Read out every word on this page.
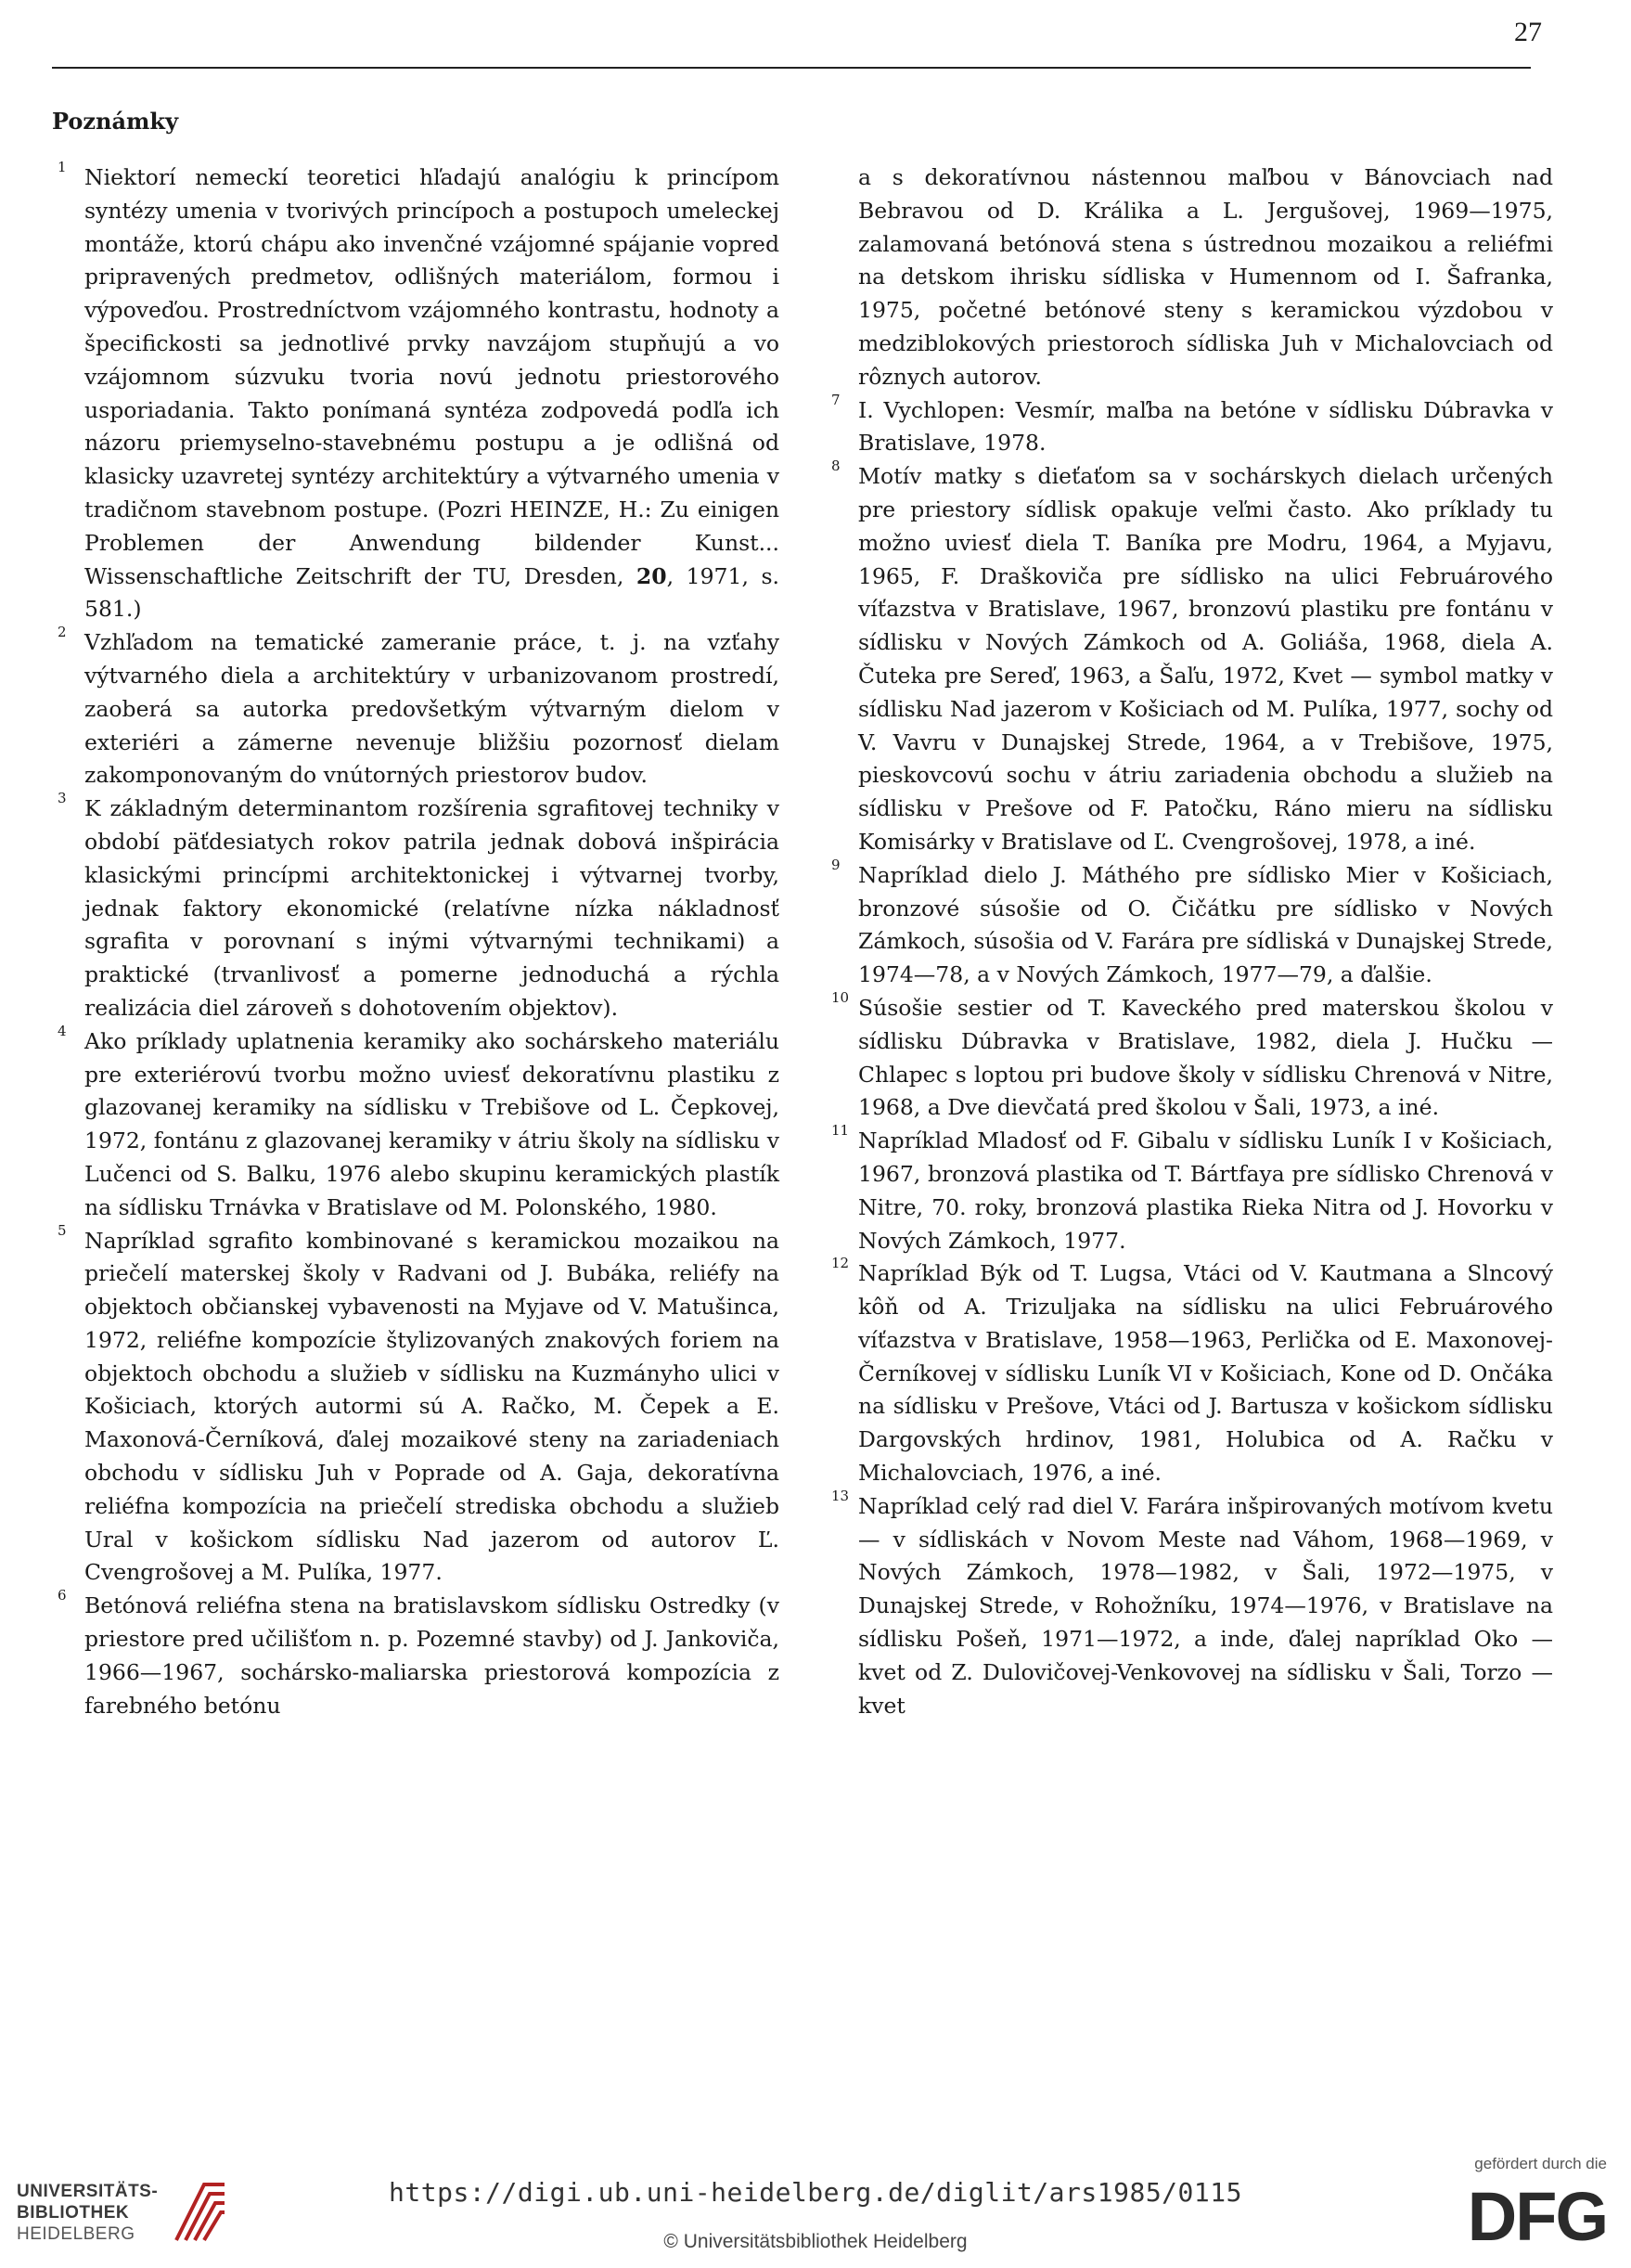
27
Poznámky

1 Niektorí nemeckí teoretici hľadajú analógiu k princípom syntézy umenia v tvorivých princípoch a postupoch umeleckej montáže, ktorú chápu ako invenčné vzájomné spájanie vopred pripravených predmetov, odlišných materiálom, formou i výpoveďou. Prostredníctvom vzájomného kontrastu, hodnoty a špecifickosti sa jednotlivé prvky navzájom stupňujú a vo vzájomnom súzvuku tvoria novú jednotu priestorového usporiadania. Takto ponímaná syntéza zodpovedá podľa ich názoru priemyselno-stavebnému postupu a je odlišná od klasicky uzavretej syntézy architektúry a výtvarného umenia v tradičnom stavebnom postupe. (Pozri HEINZE, H.: Zu einigen Problemen der Anwendung bildender Kunst... Wissenschaftliche Zeitschrift der TU, Dresden, 20, 1971, s. 581.)

2 Vzhľadom na tematické zameranie práce, t. j. na vzťahy výtvarného diela a architektúry v urbanizovanom prostredí, zaoberá sa autorka predovšetkým výtvarným dielom v exteriéri a zámerne nevenuje bližšiu pozornosť dielam zakomponovaným do vnútorných priestorov budov.

3 K základným determinantom rozšírenia sgrafitovej techniky v období päťdesiatych rokov patrila jednak dobová inšpirácia klasickými princípmi architektonickej i výtvarnej tvorby, jednak faktory ekonomické (relatívne nízka nákladnosť sgrafita v porovnaní s inými výtvarnými technikami) a praktické (trvanlivosť a pomerne jednoduchá a rýchla realizácia diel zároveň s dohotovením objektov).

4 Ako príklady uplatnenia keramiky ako sochárskeho materiálu pre exteriérovú tvorbu možno uviesť dekoratívnu plastiku z glazovanej keramiky na sídlisku v Trebišove od L. Čepkovej, 1972, fontánu z glazovanej keramiky v átriu školy na sídlisku v Lučenci od S. Balku, 1976 alebo skupinu keramických plastík na sídlisku Trnávka v Bratislave od M. Polonského, 1980.

5 Napríklad sgrafito kombinované s keramickou mozaikou na priečelí materskej školy v Radvani od J. Bubáka, reliéfy na objektoch občianskej vybavenosti na Myjave od V. Matušinca, 1972, reliéfne kompozície štylizovaných znakových foriem na objektoch obchodu a služieb v sídlisku na Kuzmányho ulici v Košiciach, ktorých autormi sú A. Račko, M. Čepek a E. Maxonová-Černíková, ďalej mozaikové steny na zariadeniach obchodu v sídlisku Juh v Poprade od A. Gaja, dekoratívna reliéfna kompozícia na priečelí strediska obchodu a služieb Ural v košickom sídlisku Nad jazerom od autorov Ľ. Cvengrošovej a M. Pulíka, 1977.

6 Betónová reliéfna stena na bratislavskom sídlisku Ostredky (v priestore pred učilišťom n. p. Pozemné stavby) od J. Jankoviča, 1966—1967, sochársko-maliarska priestorová kompozícia z farebného betónu

a s dekoratívnou nástennou maľbou v Bánovciach nad Bebravou od D. Králika a L. Jergušovej, 1969—1975, zalamovaná betónová stena s ústrednou mozaikou a reliéfmi na detskom ihrisku sídliska v Humennom od I. Šafranka, 1975, početné betónové steny s keramickou výzdobou v medziblokových priestoroch sídliska Juh v Michalovciach od rôznych autorov.

7 I. Vychlopen: Vesmír, maľba na betóne v sídlisku Dúbravka v Bratislave, 1978.

8 Motív matky s dieťaťom sa v sochárskych dielach určených pre priestory sídlisk opakuje veľmi často. Ako príklady tu možno uviesť diela T. Baníka pre Modru, 1964, a Myjavu, 1965, F. Draškoviča pre sídlisko na ulici Februárového víťazstva v Bratislave, 1967, bronzovú plastiku pre fontánu v sídlisku v Nových Zámkoch od A. Goliáša, 1968, diela A. Čuteka pre Sereď, 1963, a Šaľu, 1972, Kvet — symbol matky v sídlisku Nad jazerom v Košiciach od M. Pulíka, 1977, sochy od V. Vavru v Dunajskej Strede, 1964, a v Trebišove, 1975, pieskovcovú sochu v átriu zariadenia obchodu a služieb na sídlisku v Prešove od F. Patočku, Ráno mieru na sídlisku Komisárky v Bratislave od Ľ. Cvengrošovej, 1978, a iné.

9 Napríklad dielo J. Máthého pre sídlisko Mier v Košiciach, bronzové súsošie od O. Čičátku pre sídlisko v Nových Zámkoch, súsošia od V. Farára pre sídliská v Dunajskej Strede, 1974—78, a v Nových Zámkoch, 1977—79, a ďalšie.

10 Súsošie sestier od T. Kaveckého pred materskou školou v sídlisku Dúbravka v Bratislave, 1982, diela J. Hučku — Chlapec s loptou pri budove školy v sídlisku Chrenová v Nitre, 1968, a Dve dievčatá pred školou v Šali, 1973, a iné.

11 Napríklad Mladosť od F. Gibalu v sídlisku Luník I v Košiciach, 1967, bronzová plastika od T. Bártfaya pre sídlisko Chrenová v Nitre, 70. roky, bronzová plastika Rieka Nitra od J. Hovorku v Nových Zámkoch, 1977.

12 Napríklad Býk od T. Lugsa, Vtáci od V. Kautmana a Slncový kôň od A. Trizuljaka na sídlisku na ulici Februárového víťazstva v Bratislave, 1958—1963, Perlička od E. Maxonovej-Černíkovej v sídlisku Luník VI v Košiciach, Kone od D. Ončáka na sídlisku v Prešove, Vtáci od J. Bartusza v košickom sídlisku Dargovských hrdinov, 1981, Holubica od A. Račku v Michalovciach, 1976, a iné.

13 Napríklad celý rad diel V. Farára inšpirovaných motívom kvetu — v sídliskách v Novom Meste nad Váhom, 1968—1969, v Nových Zámkoch, 1978—1982, v Šali, 1972—1975, v Dunajskej Strede, v Rohožníku, 1974—1976, v Bratislave na sídlisku Pošeň, 1971—1972, a inde, ďalej napríklad Oko — kvet od Z. Dulovičovej-Venkovovej na sídlisku v Šali, Torzo — kvet

UNIVERSITÄTS-
BIBLIOTHEK
HEIDELBERG
https://digi.ub.uni-heidelberg.de/diglit/ars1985/0115
© Universitätsbibliothek Heidelberg
gefördert durch die
DFG
